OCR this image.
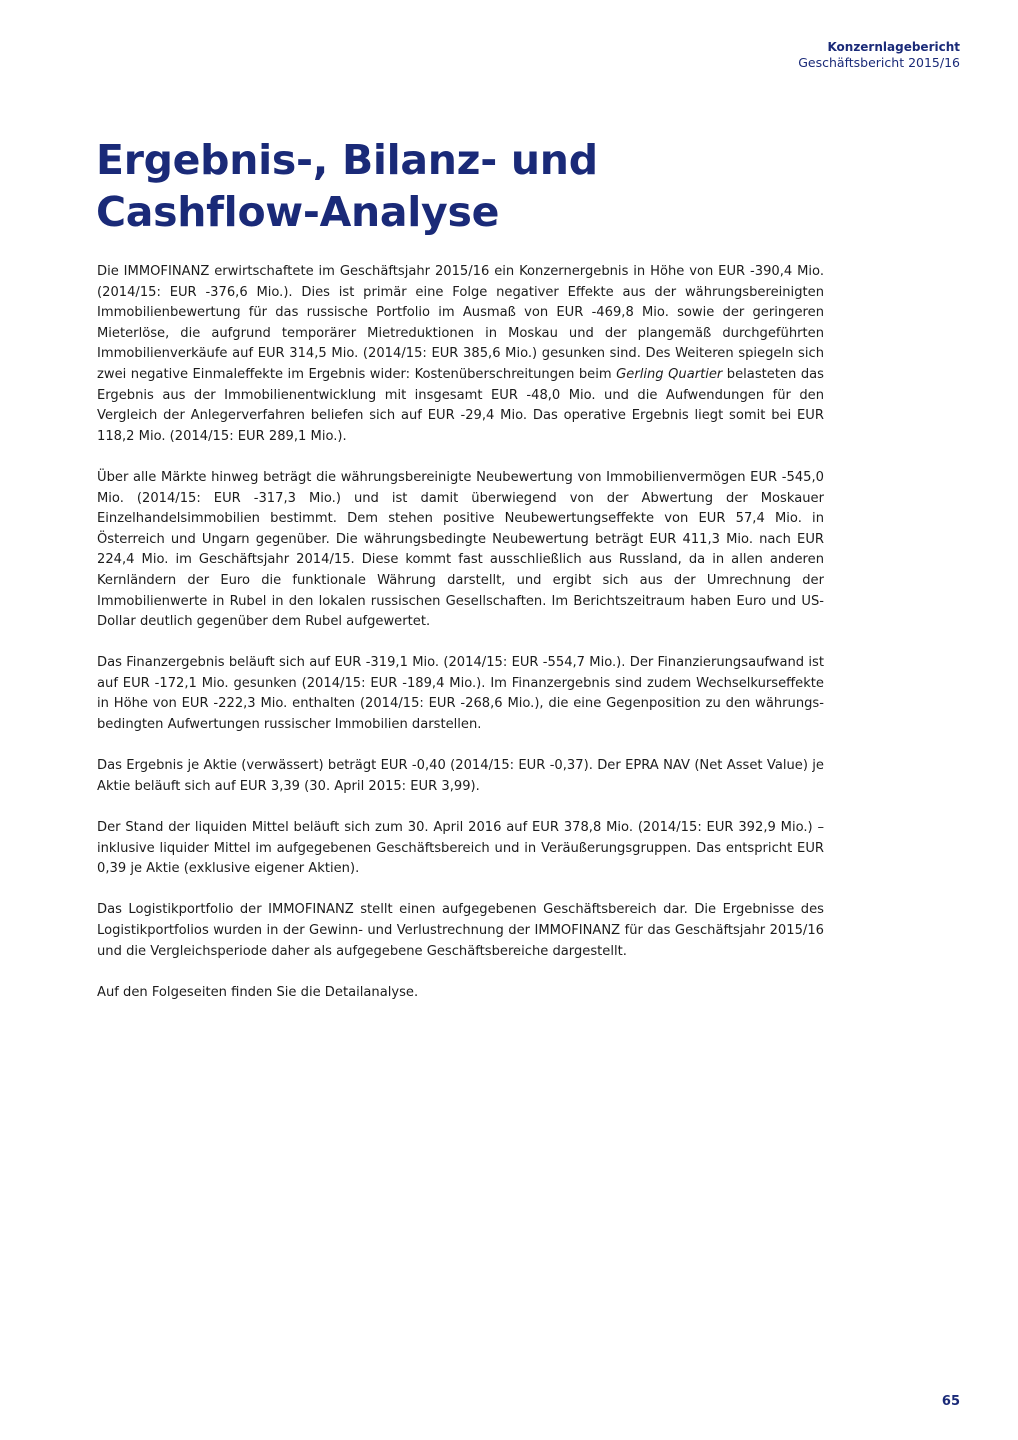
Konzernlagebericht
Geschäftsbericht 2015/16
Ergebnis-, Bilanz- und
Cashflow-Analyse

Die IMMOFINANZ erwirtschaftete im Geschäftsjahr 2015/16 ein Konzernergebnis in Höhe von EUR -390,4 Mio. (2014/15: EUR -376,6 Mio.). Dies ist primär eine Folge negativer Effekte aus der währungsbereinigten Immobilienbewertung für das russische Portfolio im Ausmaß von EUR -469,8 Mio. sowie der geringeren Mieterlöse, die aufgrund temporärer Mietreduktionen in Moskau und der plangemäß durchgeführten Immobilienverkäufe auf EUR 314,5 Mio. (2014/15: EUR 385,6 Mio.) gesunken sind. Des Weiteren spiegeln sich zwei negative Einmaleffekte im Ergebnis wider: Kostenüberschreitungen beim Gerling Quartier belasteten das Ergebnis aus der Immobilienentwicklung mit insgesamt EUR -48,0 Mio. und die Aufwendungen für den Vergleich der Anlegerverfahren beliefen sich auf EUR -29,4 Mio. Das operative Ergebnis liegt somit bei EUR 118,2 Mio. (2014/15: EUR 289,1 Mio.).

Über alle Märkte hinweg beträgt die währungsbereinigte Neubewertung von Immobilienvermögen EUR -545,0 Mio. (2014/15: EUR -317,3 Mio.) und ist damit überwiegend von der Abwertung der Moskauer Einzelhandelsimmobilien bestimmt. Dem stehen positive Neubewertungseffekte von EUR 57,4 Mio. in Österreich und Ungarn gegenüber. Die währungsbedingte Neubewertung beträgt EUR 411,3 Mio. nach EUR 224,4 Mio. im Geschäftsjahr 2014/15. Diese kommt fast ausschließlich aus Russland, da in allen anderen Kernländern der Euro die funktionale Währung darstellt, und ergibt sich aus der Umrechnung der Immobilienwerte in Rubel in den lokalen russischen Gesellschaften. Im Berichtszeitraum haben Euro und US-Dollar deutlich gegenüber dem Rubel aufgewertet.

Das Finanzergebnis beläuft sich auf EUR -319,1 Mio. (2014/15: EUR -554,7 Mio.). Der Finanzierungsaufwand ist auf EUR -172,1 Mio. gesunken (2014/15: EUR -189,4 Mio.). Im Finanzergebnis sind zudem Wechselkurseffekte in Höhe von EUR -222,3 Mio. enthalten (2014/15: EUR -268,6 Mio.), die eine Gegenposition zu den währungsbedingten Aufwertungen russischer Immobilien darstellen.

Das Ergebnis je Aktie (verwässert) beträgt EUR -0,40 (2014/15: EUR -0,37). Der EPRA NAV (Net Asset Value) je Aktie beläuft sich auf EUR 3,39 (30. April 2015: EUR 3,99).

Der Stand der liquiden Mittel beläuft sich zum 30. April 2016 auf EUR 378,8 Mio. (2014/15: EUR 392,9 Mio.) – inklusive liquider Mittel im aufgegebenen Geschäftsbereich und in Veräußerungsgruppen. Das entspricht EUR 0,39 je Aktie (exklusive eigener Aktien).

Das Logistikportfolio der IMMOFINANZ stellt einen aufgegebenen Geschäftsbereich dar. Die Ergebnisse des Logistikportfolios wurden in der Gewinn- und Verlustrechnung der IMMOFINANZ für das Geschäftsjahr 2015/16 und die Vergleichsperiode daher als aufgegebene Geschäftsbereiche dargestellt.

Auf den Folgeseiten finden Sie die Detailanalyse.

65
